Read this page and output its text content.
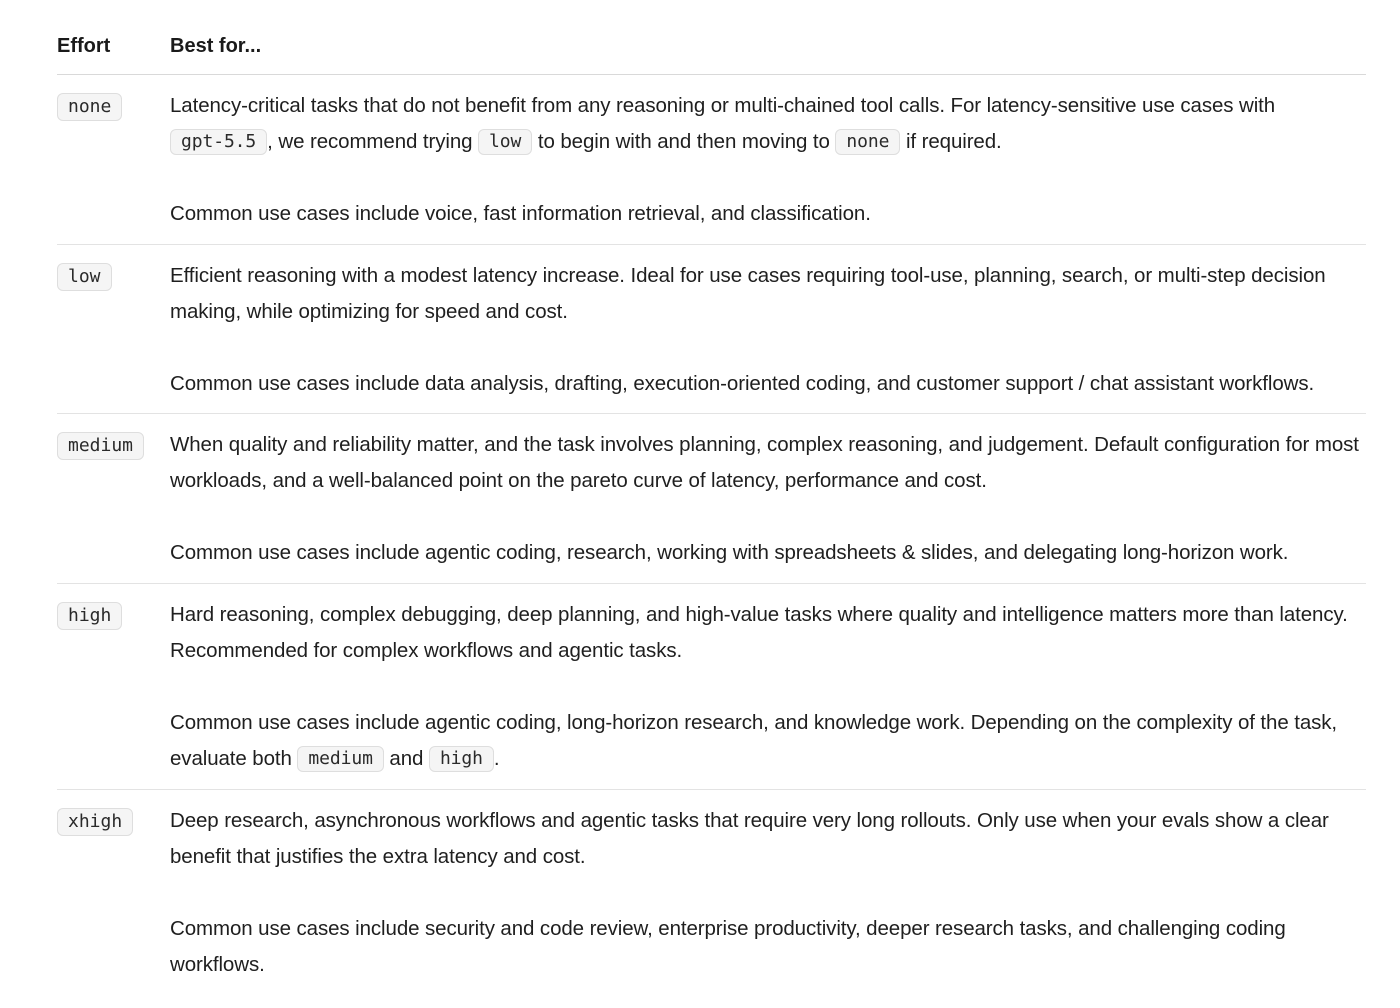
Effort	Best for...
none	Latency-critical tasks that do not benefit from any reasoning or multi-chained tool calls. For latency-sensitive use cases with gpt-5.5 , we recommend trying low to begin with and then moving to none if required.

Common use cases include voice, fast information retrieval, and classification.

low	Efficient reasoning with a modest latency increase. Ideal for use cases requiring tool-use, planning, search, or multi-step decision making, while optimizing for speed and cost.

Common use cases include data analysis, drafting, execution-oriented coding, and customer support / chat assistant workflows.

medium	When quality and reliability matter, and the task involves planning, complex reasoning, and judgement. Default configuration for most workloads, and a well-balanced point on the pareto curve of latency, performance and cost.

Common use cases include agentic coding, research, working with spreadsheets & slides, and delegating long-horizon work.

high	Hard reasoning, complex debugging, deep planning, and high-value tasks where quality and intelligence matters more than latency. Recommended for complex workflows and agentic tasks.

Common use cases include agentic coding, long-horizon research, and knowledge work. Depending on the complexity of the task, evaluate both medium and high .

xhigh	Deep research, asynchronous workflows and agentic tasks that require very long rollouts. Only use when your evals show a clear benefit that justifies the extra latency and cost.

Common use cases include security and code review, enterprise productivity, deeper research tasks, and challenging coding workflows.
